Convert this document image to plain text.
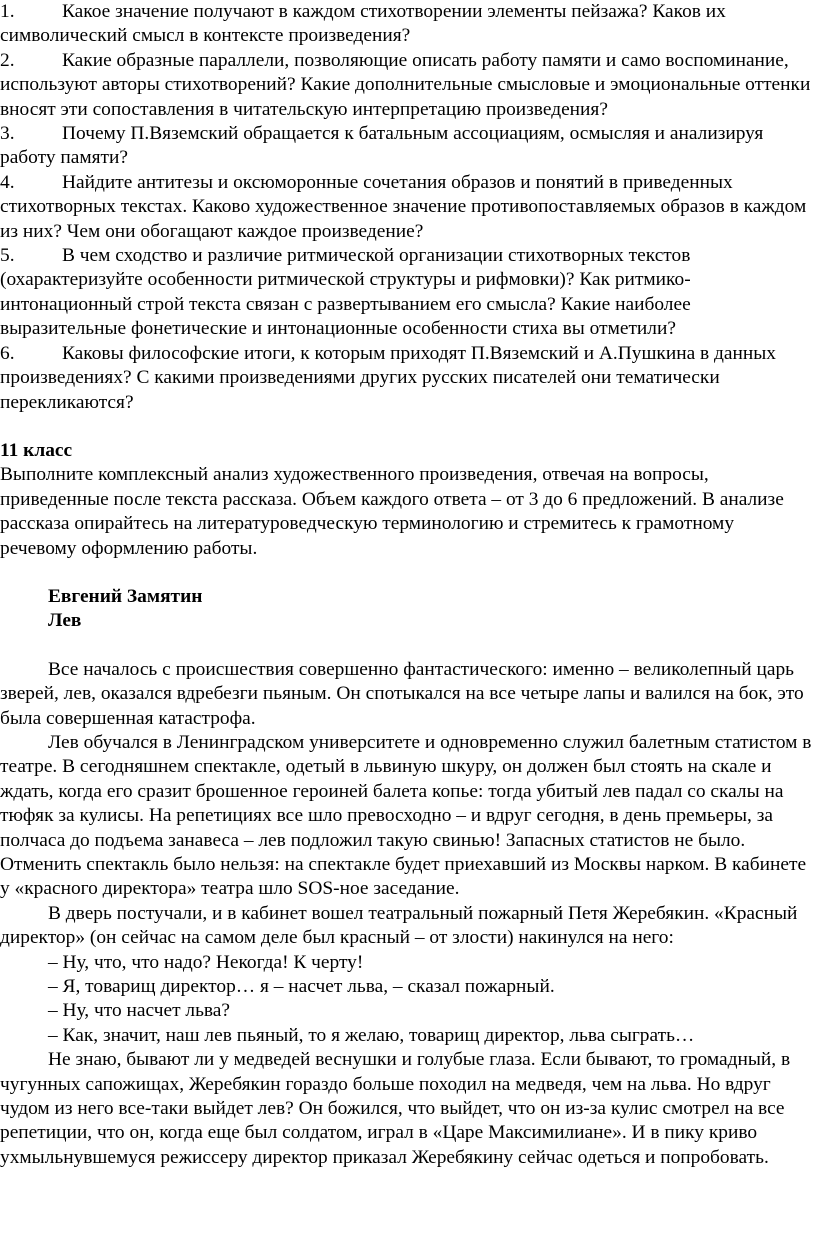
1. Какое значение получают в каждом стихотворении элементы пейзажа? Каков их символический смысл в контексте произведения?
2. Какие образные параллели, позволяющие описать работу памяти и само воспоминание, используют авторы стихотворений? Какие дополнительные смысловые и эмоциональные оттенки вносят эти сопоставления в читательскую интерпретацию произведения?
3. Почему П.Вяземский обращается к батальным ассоциациям, осмысляя и анализируя работу памяти?
4. Найдите антитезы и оксюморонные сочетания образов и понятий в приведенных стихотворных текстах. Каково художественное значение противопоставляемых образов в каждом из них? Чем они обогащают каждое произведение?
5. В чем сходство и различие ритмической организации стихотворных текстов (охарактеризуйте особенности ритмической структуры и рифмовки)? Как ритмико-интонационный строй текста связан с развертыванием его смысла? Какие наиболее выразительные фонетические и интонационные особенности стиха вы отметили?
6. Каковы философские итоги, к которым приходят П.Вяземский и А.Пушкина в данных произведениях? С какими произведениями других русских писателей они тематически перекликаются?
11 класс

Выполните комплексный анализ художественного произведения, отвечая на вопросы, приведенные после текста рассказа. Объем каждого ответа – от 3 до 6 предложений. В анализе рассказа опирайтесь на литературоведческую терминологию и стремитесь к грамотному речевому оформлению работы.

Евгений Замятин
Лев

Все началось с происшествия совершенно фантастического: именно – великолепный царь зверей, лев, оказался вдребезги пьяным. Он спотыкался на все четыре лапы и валился на бок, это была совершенная катастрофа.

Лев обучался в Ленинградском университете и одновременно служил балетным статистом в театре. В сегодняшнем спектакле, одетый в львиную шкуру, он должен был стоять на скале и ждать, когда его сразит брошенное героиней балета копье: тогда убитый лев падал со скалы на тюфяк за кулисы. На репетициях все шло превосходно – и вдруг сегодня, в день премьеры, за полчаса до подъема занавеса – лев подложил такую свинью! Запасных статистов не было. Отменить спектакль было нельзя: на спектакле будет приехавший из Москвы нарком. В кабинете у «красного директора» театра шло SOS-ное заседание.

В дверь постучали, и в кабинет вошел театральный пожарный Петя Жеребякин. «Красный директор» (он сейчас на самом деле был красный – от злости) накинулся на него:

– Ну, что, что надо? Некогда! К черту!

– Я, товарищ директор… я – насчет льва, – сказал пожарный.

– Ну, что насчет льва?

– Как, значит, наш лев пьяный, то я желаю, товарищ директор, льва сыграть…

Не знаю, бывают ли у медведей веснушки и голубые глаза. Если бывают, то громадный, в чугунных сапожищах, Жеребякин гораздо больше походил на медведя, чем на льва. Но вдруг чудом из него все-таки выйдет лев? Он божился, что выйдет, что он из-за кулис смотрел на все репетиции, что он, когда еще был солдатом, играл в «Царе Максимилиане». И в пику криво ухмыльнувшемуся режиссеру директор приказал Жеребякину сейчас одеться и попробовать.
